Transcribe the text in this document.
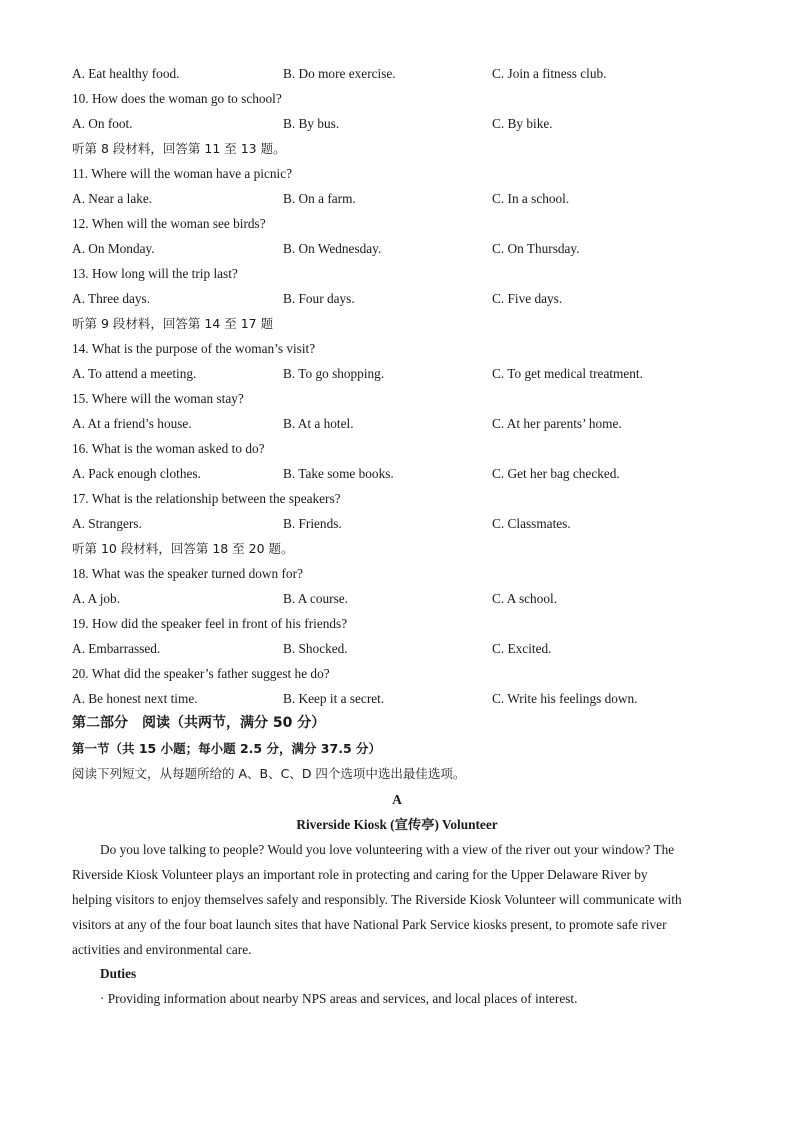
A. Eat healthy food.	B. Do more exercise.	C. Join a fitness club.
10. How does the woman go to school?
A. On foot.	B. By bus.	C. By bike.
听第 8 段材料，回答第 11 至 13 题。
11. Where will the woman have a picnic?
A. Near a lake.	B. On a farm.	C. In a school.
12. When will the woman see birds?
A. On Monday.	B. On Wednesday.	C. On Thursday.
13. How long will the trip last?
A. Three days.	B. Four days.	C. Five days.
听第 9 段材料，回答第 14 至 17 题
14. What is the purpose of the woman’s visit?
A. To attend a meeting.	B. To go shopping.	C. To get medical treatment.
15. Where will the woman stay?
A. At a friend’s house.	B. At a hotel.	C. At her parents’ home.
16. What is the woman asked to do?
A. Pack enough clothes.	B. Take some books.	C. Get her bag checked.
17. What is the relationship between the speakers?
A. Strangers.	B. Friends.	C. Classmates.
听第 10 段材料，回答第 18 至 20 题。
18. What was the speaker turned down for?
A. A job.	B. A course.	C. A school.
19. How did the speaker feel in front of his friends?
A. Embarrassed.	B. Shocked.	C. Excited.
20. What did the speaker’s father suggest he do?
A. Be honest next time.	B. Keep it a secret.	C. Write his feelings down.
第二部分　阅读（共两节，满分 50 分）
第一节（共 15 小题；每小题 2.5 分，满分 37.5 分）
阅读下列短文，从每题所给的 A、B、C、D 四个选项中选出最佳选项。
A
Riverside Kiosk (宣传亭) Volunteer
Do you love talking to people? Would you love volunteering with a view of the river out your window? The
Riverside Kiosk Volunteer plays an important role in protecting and caring for the Upper Delaware River by
helping visitors to enjoy themselves safely and responsibly. The Riverside Kiosk Volunteer will communicate with
visitors at any of the four boat launch sites that have National Park Service kiosks present, to promote safe river
activities and environmental care.
Duties
· Providing information about nearby NPS areas and services, and local places of interest.
